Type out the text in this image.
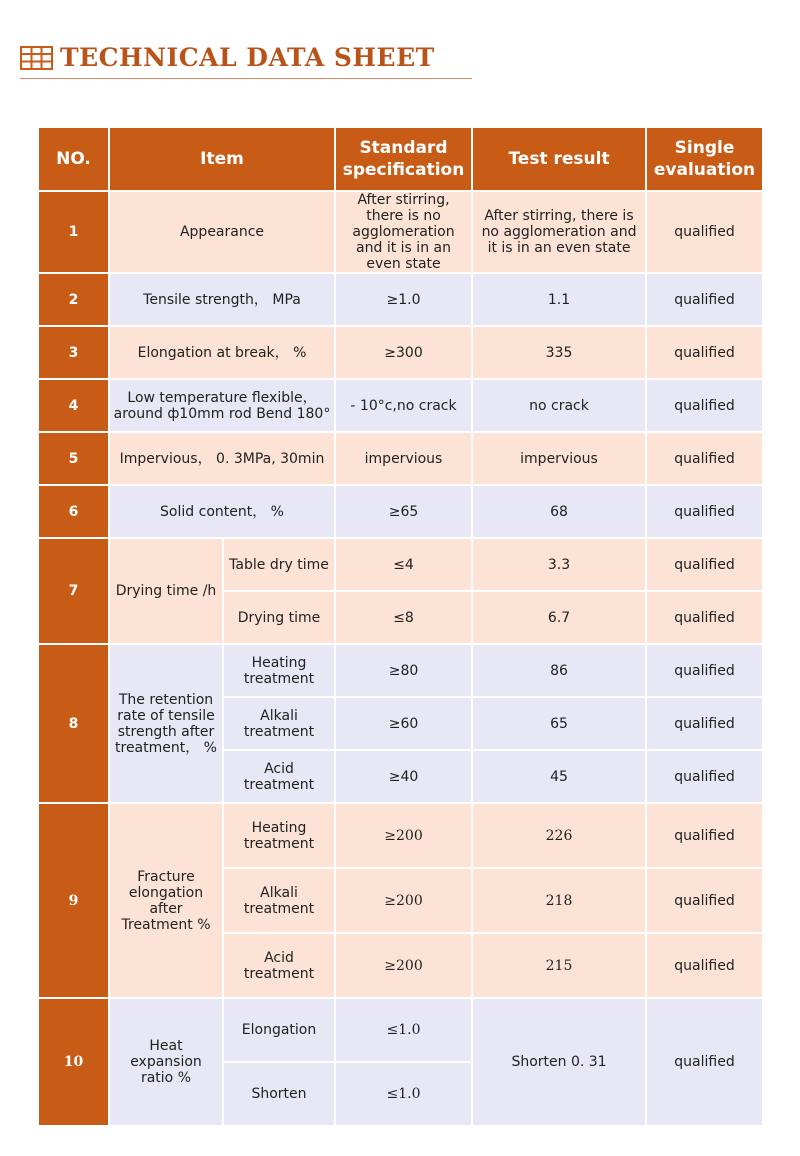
TECHNICAL DATA SHEET
NO.	Item		Standard specification	Test result	Single evaluation
1	Appearance		After stirring, there is no agglomeration and it is in an even state	After stirring, there is no agglomeration and it is in an even state	qualified
2	Tensile strength， MPa		≥1.0	1.1	qualified
3	Elongation at break， %		≥300	335	qualified
4	Low temperature flexible，around ф10mm rod Bend 180°		- 10°c,no crack	no crack	qualified
5	Impervious， 0. 3MPa, 30min		impervious	impervious	qualified
6	Solid content， %		≥65	68	qualified
7	Drying time /h	Table dry time	≤4	3.3	qualified
		Drying time	≤8	6.7	qualified
8	The retention rate of tensile strength after treatment， %	Heating treatment	≥80	86	qualified
		Alkali treatment	≥60	65	qualified
		Acid treatment	≥40	45	qualified
9	Fracture elongation after Treatment %	Heating treatment	≥200	226	qualified
		Alkali treatment	≥200	218	qualified
		Acid treatment	≥200	215	qualified
10	Heat expansion ratio %	Elongation	≤1.0	Shorten 0. 31	qualified
		Shorten	≤1.0		
